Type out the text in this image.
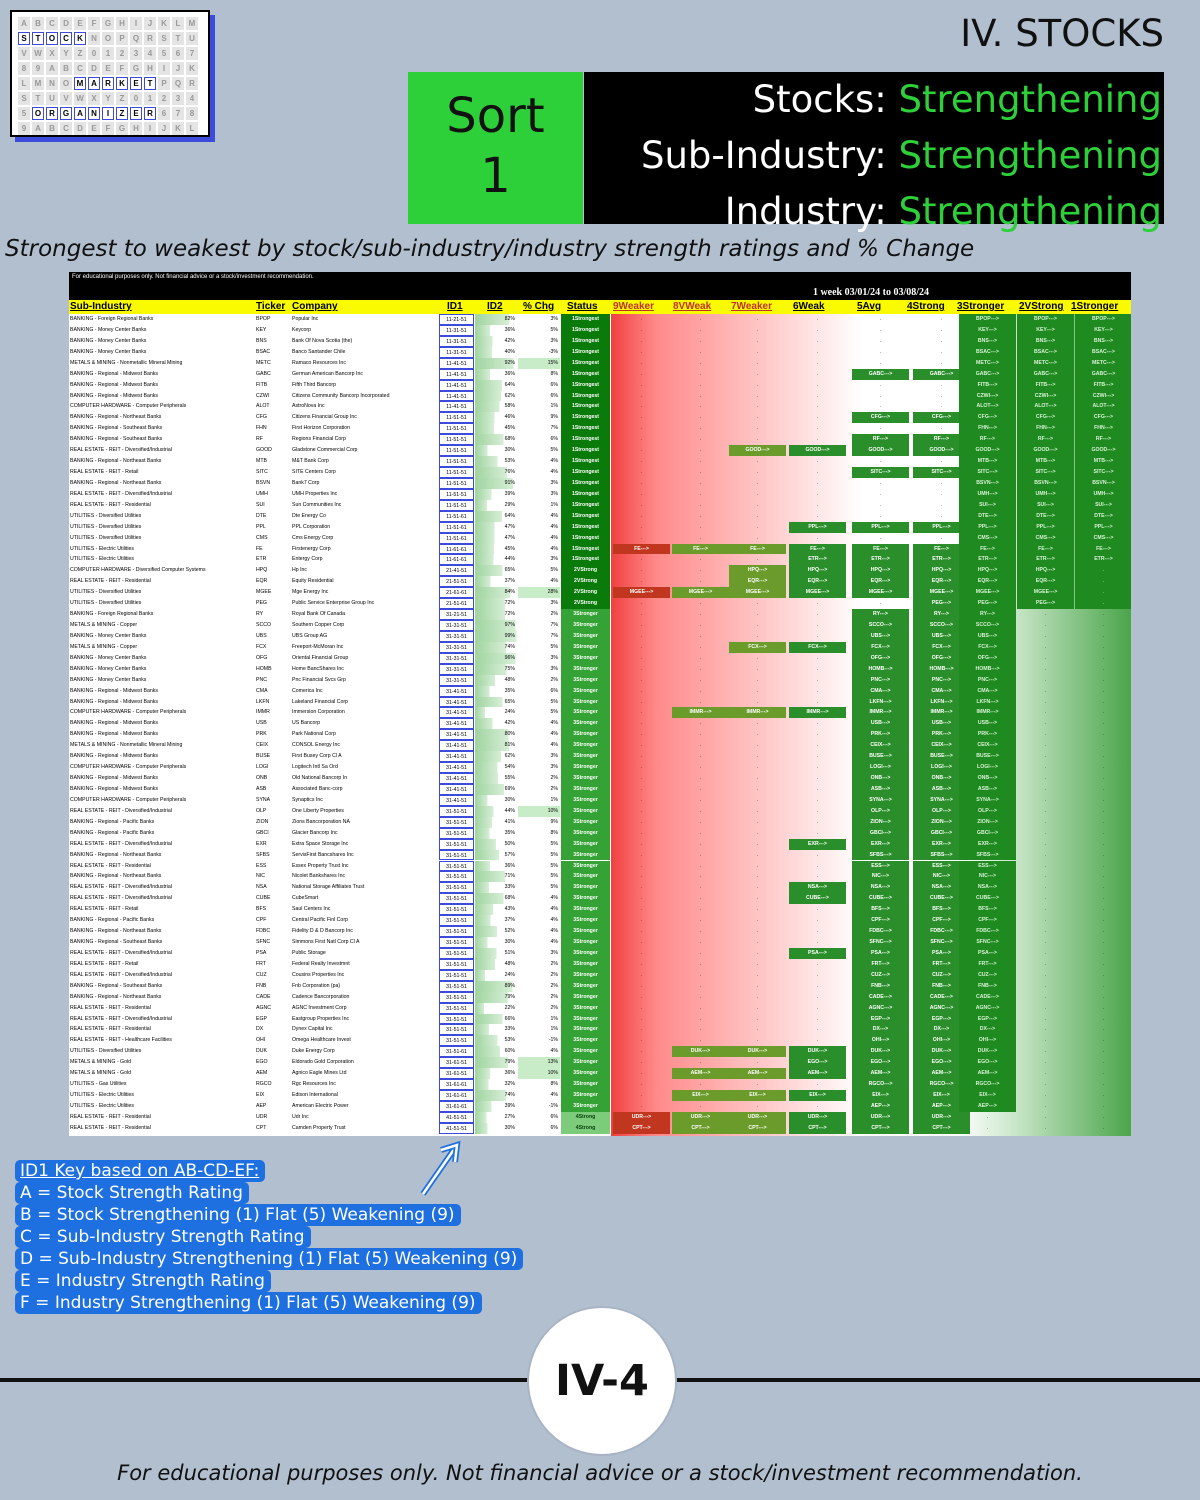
A	B	C	D	E	F	G	H	I	J	K	L	M
S	T	O	C	K	N O	P	Q	R	S	T	U
V W X	Y	Z	0	1	2	3	4	5	6	7
8	9	A	B	C	D	E	F	G	H	I	J	K
L	M N O M A	R	K	E	T	P	Q	R
S	T	U	V W X	Y	Z	0	1	2	3	4
5	O	R G	A	N	I	Z	E	R	6	7	8
9	A	B	C	D	E	F	G	H	I	J	K	L
IV. STOCKS
Sort
1
Stocks: Strengthening
Sub-Industry: Strengthening
Industry: Strengthening
Strongest to weakest by stock/sub-industry/industry strength ratings and % Change
For educational purposes only. Not financial advice or a stock/investment recommendation.
1 week 03/01/24 to 03/08/24
Sub-Industry	Ticker Company	ID1	ID2	% Chg	Status	9Weaker	8VWeak	7Weaker	6Weak	5Avg	4Strong	3Stronger	2VStrong 1Stronger
BANKING - Foreign Regional Banks	BPOP	Popular Inc	11-21-51	82%	3%	1Strongest	.	.	.	.	.	.	BPOP--->	BPOP--->	BPOP--->
BANKING - Money Center Banks	KEY	Keycorp	11-31-51	36%	5%	1Strongest	.	.	.	.	.	.	KEY--->	KEY--->	KEY--->
BANKING - Money Center Banks	BNS	Bank Of Nova Scotia (the)	11-31-51	42%	3%	1Strongest	.	.	.	.	.	.	BNS--->	BNS--->	BNS--->
BANKING - Money Center Banks	BSAC	Banco Santander Chile	11-31-51	40%	-3%	1Strongest	.	.	.	.	.	.	BSAC--->	BSAC--->	BSAC--->
METALS & MINING - Nonmetallic Mineral Mining	METC	Ramaco Resources Inc	11-41-51	92%	15%	1Strongest	.	.	.	.	.	.	METC--->	METC--->	METC--->
BANKING - Regional - Midwest Banks	GABC	German American Bancorp Inc	11-41-51	36%	8%	1Strongest	.	.	.	.	GABC--->	GABC--->	GABC--->	GABC--->	GABC--->
BANKING - Regional - Midwest Banks	FITB	Fifth Third Bancorp	11-41-51	64%	6%	1Strongest	.	.	.	.	.	.	FITB--->	FITB--->	FITB--->
BANKING - Regional - Midwest Banks	CZWI	Citizens Community Bancorp Incorporated	11-41-51	62%	6%	1Strongest	.	.	.	.	.	.	CZWI--->	CZWI--->	CZWI--->
COMPUTER HARDWARE - Computer Peripherals	ALOT	AstroNova Inc	11-41-51	58%	1%	1Strongest	.	.	.	.	.	.	ALOT--->	ALOT--->	ALOT--->
BANKING - Regional - Northeast Banks	CFG	Citizens Financial Group Inc	11-51-51	46%	9%	1Strongest	.	.	.	.	CFG--->	CFG--->	CFG--->	CFG--->	CFG--->
BANKING - Regional - Southeast Banks	FHN	First Horizon Corporation	11-51-51	45%	7%	1Strongest	.	.	.	.	.	.	FHN--->	FHN--->	FHN--->
BANKING - Regional - Southeast Banks	RF	Regions Financial Corp	11-51-51	68%	6%	1Strongest	.	.	.	.	RF--->	RF--->	RF--->	RF--->	RF--->
REAL ESTATE - REIT - Diversified/Industrial	GOOD	Gladstone Commercial Corp	11-51-51	30%	5%	1Strongest	.	.	GOOD--->	GOOD--->	GOOD--->	GOOD--->	GOOD--->	GOOD--->	GOOD--->
BANKING - Regional - Northeast Banks	MTB	M&T Bank Corp	11-51-51	53%	4%	1Strongest	.	.	.	.	.	.	MTB--->	MTB--->	MTB--->
REAL ESTATE - REIT - Retail	SITC	SITE Centers Corp	11-51-51	76%	4%	1Strongest	.	.	.	.	SITC--->	SITC--->	SITC--->	SITC--->	SITC--->
BANKING - Regional - Northeast Banks	BSVN	Bank7 Corp	11-51-51	91%	3%	1Strongest	.	.	.	.	.	.	BSVN--->	BSVN--->	BSVN--->
REAL ESTATE - REIT - Diversified/Industrial	UMH	UMH Properties Inc	11-51-51	39%	3%	1Strongest	.	.	.	.	.	.	UMH--->	UMH--->	UMH--->
REAL ESTATE - REIT - Residential	SUI	Sun Communities Inc	11-51-51	29%	1%	1Strongest	.	.	.	.	.	.	SUI--->	SUI--->	SUI--->
UTILITIES - Diversified Utilities	DTE	Dte Energy Co	11-51-61	64%	4%	1Strongest	.	.	.	.	.	.	DTE--->	DTE--->	DTE--->
UTILITIES - Diversified Utilities	PPL	PPL Corporation	11-51-61	47%	4%	1Strongest	.	.	.	PPL--->	PPL--->	PPL--->	PPL--->	PPL--->	PPL--->
UTILITIES - Diversified Utilities	CMS	Cms Energy Corp	11-51-61	47%	4%	1Strongest	.	.	.	.	.	.	CMS--->	CMS--->	CMS--->
UTILITIES - Electric Utilities	FE	Firstenergy Corp	11-61-61	45%	4%	1Strongest	FE--->	FE--->	FE--->	FE--->	FE--->	FE--->	FE--->	FE--->	FE--->
UTILITIES - Electric Utilities	ETR	Entergy Corp	11-61-61	44%	3%	1Strongest	.	.	.	ETR--->	ETR--->	ETR--->	ETR--->	ETR--->	ETR--->
COMPUTER HARDWARE - Diversified Computer Systems	HPQ	Hp Inc	21-41-51	65%	5%	2VStrong	.	.	HPQ--->	HPQ--->	HPQ--->	HPQ--->	HPQ--->	HPQ--->	.
REAL ESTATE - REIT - Residential	EQR	Equity Residential	21-51-51	37%	4%	2VStrong	.	.	EQR--->	EQR--->	EQR--->	EQR--->	EQR--->	EQR--->	.
UTILITIES - Diversified Utilities	MGEE	Mge Energy Inc	21-61-61	84%	28%	2VStrong	MGEE--->	MGEE--->	MGEE--->	MGEE--->	MGEE--->	MGEE--->	MGEE--->	MGEE--->	.
UTILITIES - Diversified Utilities	PEG	Public Service Enterprise Group Inc	21-51-61	72%	3%	2VStrong	.	.	.	.	.	PEG--->	PEG--->	PEG--->	.
BANKING - Foreign Regional Banks	RY	Royal Bank Of Canada	31-21-51	72%	2%	3Stronger	.	.	.	.	RY--->	RY--->	RY--->	.	.
METALS & MINING - Copper	SCCO	Southern Copper Corp	31-31-51	97%	7%	3Stronger	.	.	.	.	SCCO--->	SCCO--->	SCCO--->	.	.
BANKING - Money Center Banks	UBS	UBS Group AG	31-31-51	99%	7%	3Stronger	.	.	.	.	UBS--->	UBS--->	UBS--->	.	.
METALS & MINING - Copper	FCX	Freeport-McMoran Inc	31-31-51	74%	5%	3Stronger	.	.	FCX--->	FCX--->	FCX--->	FCX--->	FCX--->	.	.
BANKING - Money Center Banks	OFG	Oriental Financial Group	31-31-51	96%	3%	3Stronger	.	.	.	.	OFG--->	OFG--->	OFG--->	.	.
BANKING - Money Center Banks	HOMB	Home BancShares Inc	31-31-51	75%	3%	3Stronger	.	.	.	.	HOMB--->	HOMB--->	HOMB--->	.	.
BANKING - Money Center Banks	PNC	Pnc Financial Svcs Grp	31-31-51	48%	2%	3Stronger	.	.	.	.	PNC--->	PNC--->	PNC--->	.	.
BANKING - Regional - Midwest Banks	CMA	Comerica Inc	31-41-51	35%	6%	3Stronger	.	.	.	.	CMA--->	CMA--->	CMA--->	.	.
BANKING - Regional - Midwest Banks	LKFN	Lakeland Financial Corp	31-41-51	65%	5%	3Stronger	.	.	.	.	LKFN--->	LKFN--->	LKFN--->	.	.
COMPUTER HARDWARE - Computer Peripherals	IMMR	Immersion Corporation	31-41-51	24%	5%	3Stronger	.	IMMR--->	IMMR--->	IMMR--->	IMMR--->	IMMR--->	IMMR--->	.	.
BANKING - Regional - Midwest Banks	USB	US Bancorp	31-41-51	42%	4%	3Stronger	.	.	.	.	USB--->	USB--->	USB--->	.	.
BANKING - Regional - Midwest Banks	PRK	Park National Corp	31-41-51	80%	4%	3Stronger	.	.	.	.	PRK--->	PRK--->	PRK--->	.	.
METALS & MINING - Nonmetallic Mineral Mining	CEIX	CONSOL Energy Inc	31-41-51	81%	4%	3Stronger	.	.	.	.	CEIX--->	CEIX--->	CEIX--->	.	.
BANKING - Regional - Midwest Banks	BUSE	First Busey Corp Cl A	31-41-51	62%	3%	3Stronger	.	.	.	.	BUSE--->	BUSE--->	BUSE--->	.	.
COMPUTER HARDWARE - Computer Peripherals	LOGI	Logitech Intl Sa Ord	31-41-51	54%	3%	3Stronger	.	.	.	.	LOGI--->	LOGI--->	LOGI--->	.	.
BANKING - Regional - Midwest Banks	ONB	Old National Bancorp In	31-41-51	55%	2%	3Stronger	.	.	.	.	ONB--->	ONB--->	ONB--->	.	.
BANKING - Regional - Midwest Banks	ASB	Associated Banc-corp	31-41-51	69%	2%	3Stronger	.	.	.	.	ASB--->	ASB--->	ASB--->	.	.
COMPUTER HARDWARE - Computer Peripherals	SYNA	Synaptics Inc	31-41-51	30%	1%	3Stronger	.	.	.	.	SYNA--->	SYNA--->	SYNA--->	.	.
REAL ESTATE - REIT - Diversified/Industrial	OLP	One Liberty Properties	31-51-51	44%	10%	3Stronger	.	.	.	.	OLP--->	OLP--->	OLP--->	.	.
BANKING - Regional - Pacific Banks	ZION	Zions Bancorporation NA	31-51-51	41%	9%	3Stronger	.	.	.	.	ZION--->	ZION--->	ZION--->	.	.
BANKING - Regional - Pacific Banks	GBCI	Glacier Bancorp Inc	31-51-51	35%	8%	3Stronger	.	.	.	.	GBCI--->	GBCI--->	GBCI--->	.	.
REAL ESTATE - REIT - Diversified/Industrial	EXR	Extra Space Storage Inc	31-51-51	50%	5%	3Stronger	.	.	.	EXR--->	EXR--->	EXR--->	EXR--->	.	.
BANKING - Regional - Northeast Banks	SFBS	ServisFirst Bancshares Inc	31-51-51	57%	5%	3Stronger	.	.	.	.	SFBS--->	SFBS--->	SFBS--->	.	.
REAL ESTATE - REIT - Residential	ESS	Essex Property Trust Inc	31-51-51	36%	5%	3Stronger	.	.	.	.	ESS--->	ESS--->	ESS--->	.	.
BANKING - Regional - Northeast Banks	NIC	Nicolet Bankshares Inc	31-51-51	71%	5%	3Stronger	.	.	.	.	NIC--->	NIC--->	NIC--->	.	.
REAL ESTATE - REIT - Diversified/Industrial	NSA	National Storage Affiliates Trust	31-51-51	33%	5%	3Stronger	.	.	.	NSA--->	NSA--->	NSA--->	NSA--->	.	.
REAL ESTATE - REIT - Diversified/Industrial	CUBE	CubeSmart	31-51-51	68%	4%	3Stronger	.	.	.	CUBE--->	CUBE--->	CUBE--->	CUBE--->	.	.
REAL ESTATE - REIT - Retail	BFS	Saul Centers Inc	31-51-51	43%	4%	3Stronger	.	.	.	.	BFS--->	BFS--->	BFS--->	.	.
BANKING - Regional - Pacific Banks	CPF	Central Pacific Finl Corp	31-51-51	37%	4%	3Stronger	.	.	.	.	CPF--->	CPF--->	CPF--->	.	.
BANKING - Regional - Northeast Banks	FDBC	Fidelity D & D Bancorp Inc	31-51-51	52%	4%	3Stronger	.	.	.	.	FDBC--->	FDBC--->	FDBC--->	.	.
BANKING - Regional - Southeast Banks	SFNC	Simmons First Natl Corp Cl A	31-51-51	30%	4%	3Stronger	.	.	.	.	SFNC--->	SFNC--->	SFNC--->	.	.
REAL ESTATE - REIT - Diversified/Industrial	PSA	Public Storage	31-51-51	51%	3%	3Stronger	.	.	.	PSA--->	PSA--->	PSA--->	PSA--->	.	.
REAL ESTATE - REIT - Retail	FRT	Federal Realty Investmnt	31-51-51	48%	2%	3Stronger	.	.	.	.	FRT--->	FRT--->	FRT--->	.	.
REAL ESTATE - REIT - Diversified/Industrial	CUZ	Cousins Properties Inc	31-51-51	24%	2%	3Stronger	.	.	.	.	CUZ--->	CUZ--->	CUZ--->	.	.
BANKING - Regional - Southeast Banks	FNB	Fnb Corporation (pa)	31-51-51	89%	2%	3Stronger	.	.	.	.	FNB--->	FNB--->	FNB--->	.	.
BANKING - Regional - Northeast Banks	CADE	Cadence Bancorporation	31-51-51	79%	2%	3Stronger	.	.	.	.	CADE--->	CADE--->	CADE--->	.	.
REAL ESTATE - REIT - Residential	AGNC	AGNC Investment Corp	31-51-51	22%	2%	3Stronger	.	.	.	.	AGNC--->	AGNC--->	AGNC--->	.	.
REAL ESTATE - REIT - Diversified/Industrial	EGP	Eastgroup Properties Inc	31-51-51	66%	1%	3Stronger	.	.	.	.	EGP--->	EGP--->	EGP--->	.	.
REAL ESTATE - REIT - Residential	DX	Dynex Capital Inc	31-51-51	33%	1%	3Stronger	.	.	.	.	DX--->	DX--->	DX--->	.	.
REAL ESTATE - REIT - Healthcare Facilities	OHI	Omega Healthcare Invest	31-51-51	53%	-1%	3Stronger	.	.	.	.	OHI--->	OHI--->	OHI--->	.	.
UTILITIES - Diversified Utilities	DUK	Duke Energy Corp	31-51-61	60%	4%	3Stronger	.	DUK--->	DUK--->	DUK--->	DUK--->	DUK--->	DUK--->	.	.
METALS & MINING - Gold	EGO	Eldorado Gold Corporation	31-61-51	79%	13%	3Stronger	.	.	.	EGO--->	EGO--->	EGO--->	EGO--->	.	.
METALS & MINING - Gold	AEM	Agnico Eagle Mines Ltd	31-61-51	36%	10%	3Stronger	.	AEM--->	AEM--->	AEM--->	AEM--->	AEM--->	AEM--->	.	.
UTILITIES - Gas Utilities	RGCO	Rgc Resources Inc	31-61-61	32%	8%	3Stronger	.	.	.	.	RGCO--->	RGCO--->	RGCO--->	.	.
UTILITIES - Electric Utilities	EIX	Edison International	31-61-61	74%	4%	3Stronger	.	EIX--->	EIX--->	EIX--->	EIX--->	EIX--->	EIX--->	.	.
UTILITIES - Electric Utilities	AEP	American Electric Power	31-61-61	39%	-1%	3Stronger	.	.	.	.	AEP--->	AEP--->	AEP--->	.	.
REAL ESTATE - REIT - Residential	UDR	Udr Inc	41-51-51	27%	6%	4Strong	UDR--->	UDR--->	UDR--->	UDR--->	UDR--->	UDR--->	.	.	.
REAL ESTATE - REIT - Residential	CPT	Camden Property Trust	41-51-51	30%	6%	4Strong	CPT--->	CPT--->	CPT--->	CPT--->	CPT--->	CPT--->	.	.	.
ID1 Key based on AB-CD-EF:
A = Stock Strength Rating
B = Stock Strengthening (1) Flat (5) Weakening (9)
C = Sub-Industry Strength Rating
D = Sub-Industry Strengthening (1) Flat (5) Weakening (9)
E = Industry Strength Rating
F = Industry Strengthening (1) Flat (5) Weakening (9)
IV-4
For educational purposes only. Not financial advice or a stock/investment recommendation.
